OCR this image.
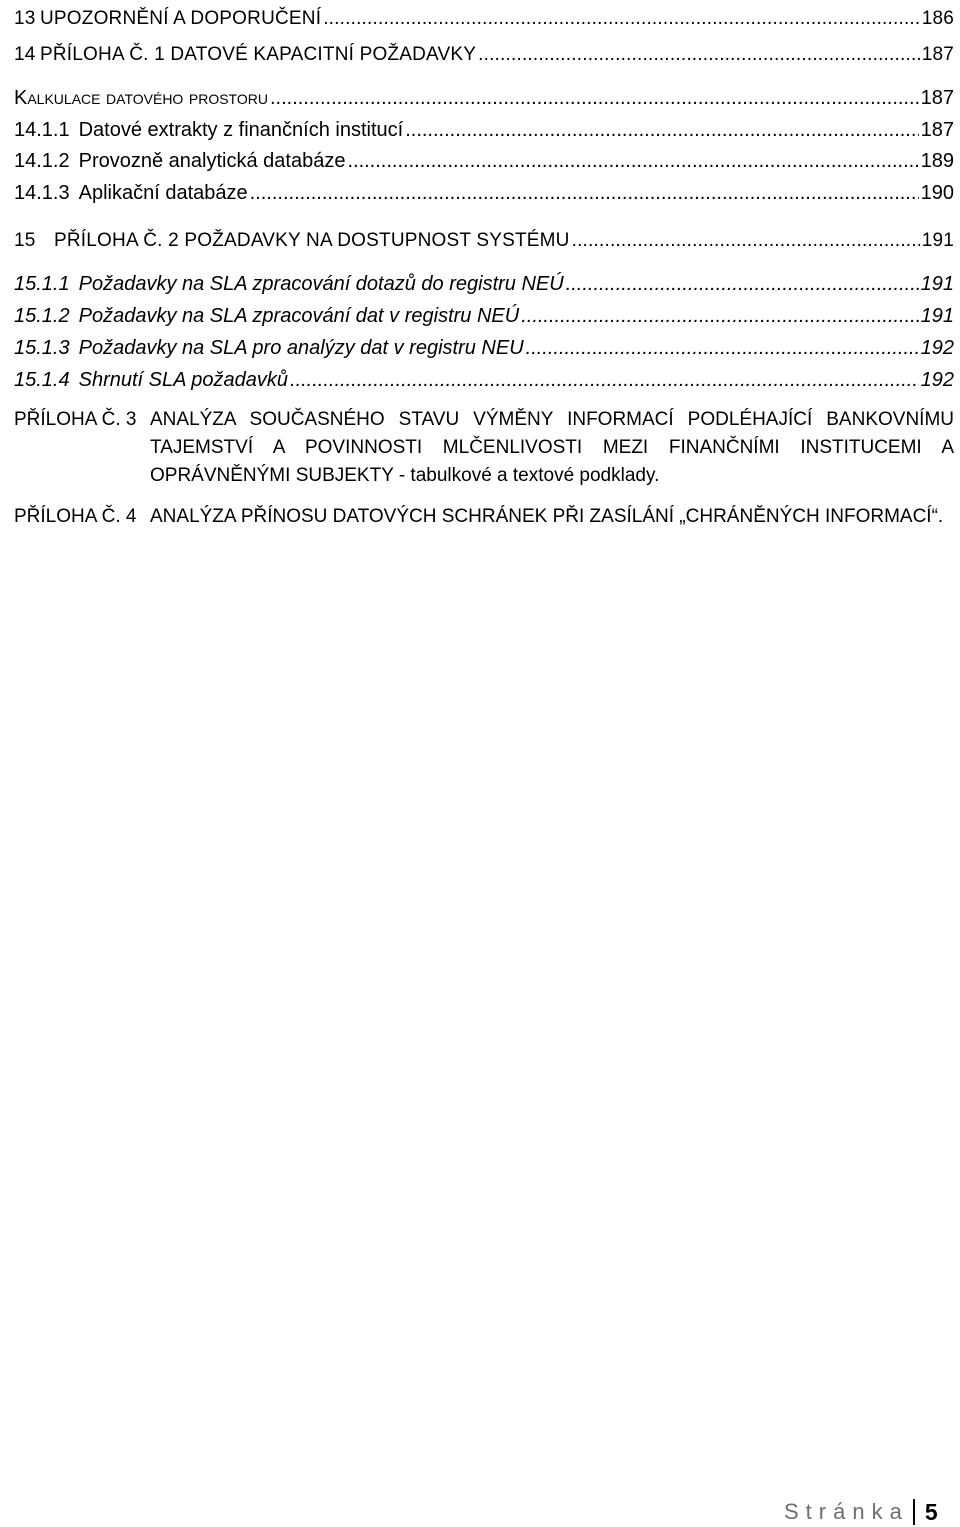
13 UPOZORNĚNÍ A DOPORUČENÍ .....	186
14 PŘÍLOHA Č. 1 DATOVÉ KAPACITNÍ POŽADAVKY .....	187
Kalkulace datového prostoru .....	187
14.1.1 Datové extrakty z finančních institucí .....	187
14.1.2 Provozně analytická databáze .....	189
14.1.3 Aplikační databáze .....	190
15 PŘÍLOHA Č. 2 POŽADAVKY NA DOSTUPNOST SYSTÉMU .....	191
15.1.1 Požadavky na SLA zpracování dotazů do registru NEÚ .....	191
15.1.2 Požadavky na SLA zpracování dat v registru NEÚ .....	191
15.1.3 Požadavky na SLA pro analýzy dat v registru NEU .....	192
15.1.4 Shrnutí SLA požadavků .....	192
PŘÍLOHA Č. 3 ANALÝZA SOUČASNÉHO STAVU VÝMĚNY INFORMACÍ PODLÉHAJÍCÍ BANKOVNÍMU TAJEMSTVÍ A POVINNOSTI MLČENLIVOSTI MEZI FINANČNÍMI INSTITUCEMI A OPRÁVNĚNÝMI SUBJEKTY - tabulkové a textové podklady.
PŘÍLOHA Č. 4 ANALÝZA PŘÍNOSU DATOVÝCH SCHRÁNEK PŘI ZASÍLÁNÍ „CHRÁNĚNÝCH INFORMACÍ“.
Stránka 5
